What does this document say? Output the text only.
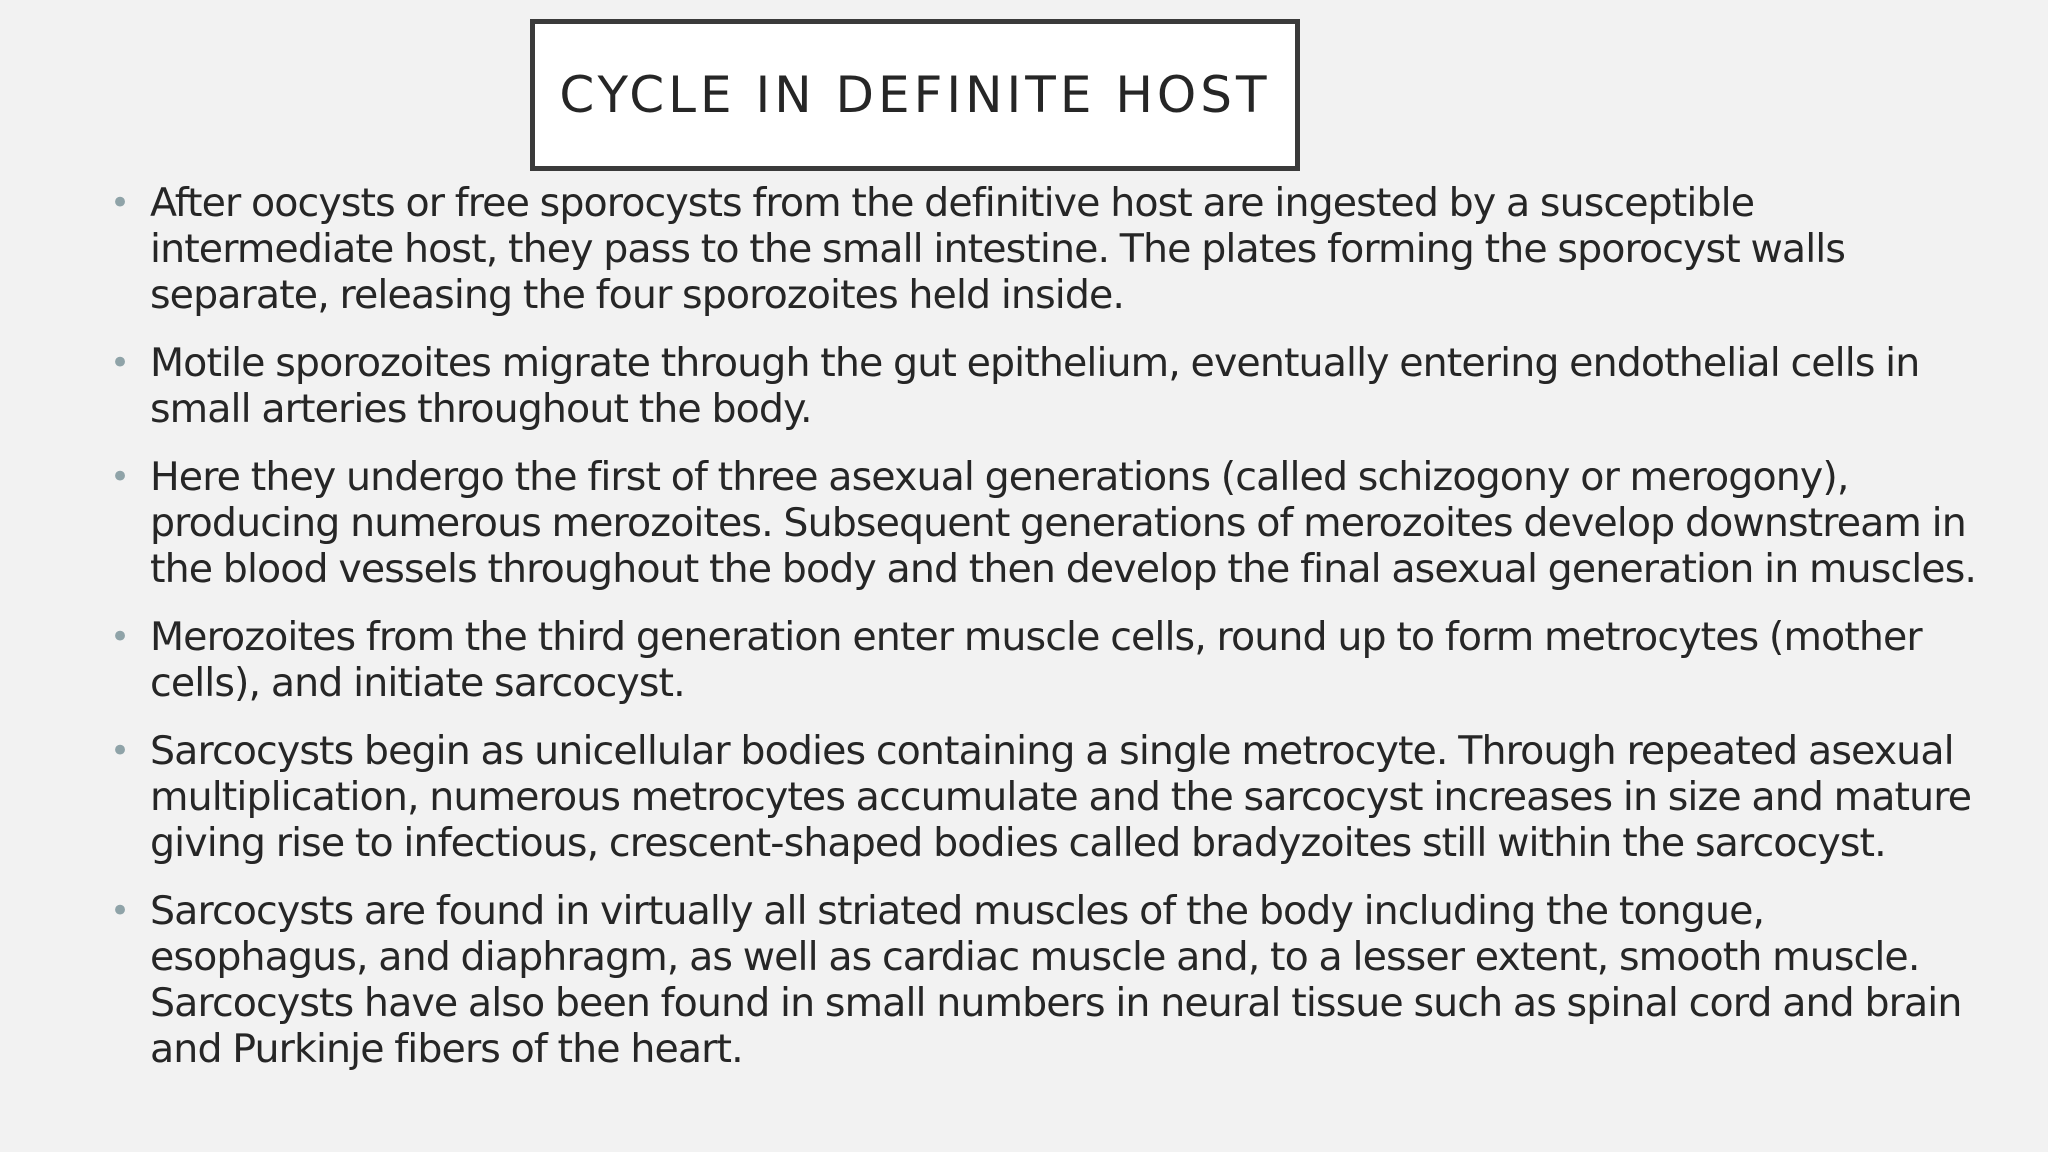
CYCLE IN DEFINITE HOST
• After oocysts or free sporocysts from the definitive host are ingested by a susceptible intermediate host, they pass to the small intestine. The plates forming the sporocyst walls separate, releasing the four sporozoites held inside.
• Motile sporozoites migrate through the gut epithelium, eventually entering endothelial cells in small arteries throughout the body.
• Here they undergo the first of three asexual generations (called schizogony or merogony), producing numerous merozoites. Subsequent generations of merozoites develop downstream in the blood vessels throughout the body and then develop the final asexual generation in muscles.
• Merozoites from the third generation enter muscle cells, round up to form metrocytes (mother cells), and initiate sarcocyst.
• Sarcocysts begin as unicellular bodies containing a single metrocyte. Through repeated asexual multiplication, numerous metrocytes accumulate and the sarcocyst increases in size and mature giving rise to infectious, crescent-shaped bodies called bradyzoites still within the sarcocyst.
• Sarcocysts are found in virtually all striated muscles of the body including the tongue, esophagus, and diaphragm, as well as cardiac muscle and, to a lesser extent, smooth muscle. Sarcocysts have also been found in small numbers in neural tissue such as spinal cord and brain and Purkinje fibers of the heart.
